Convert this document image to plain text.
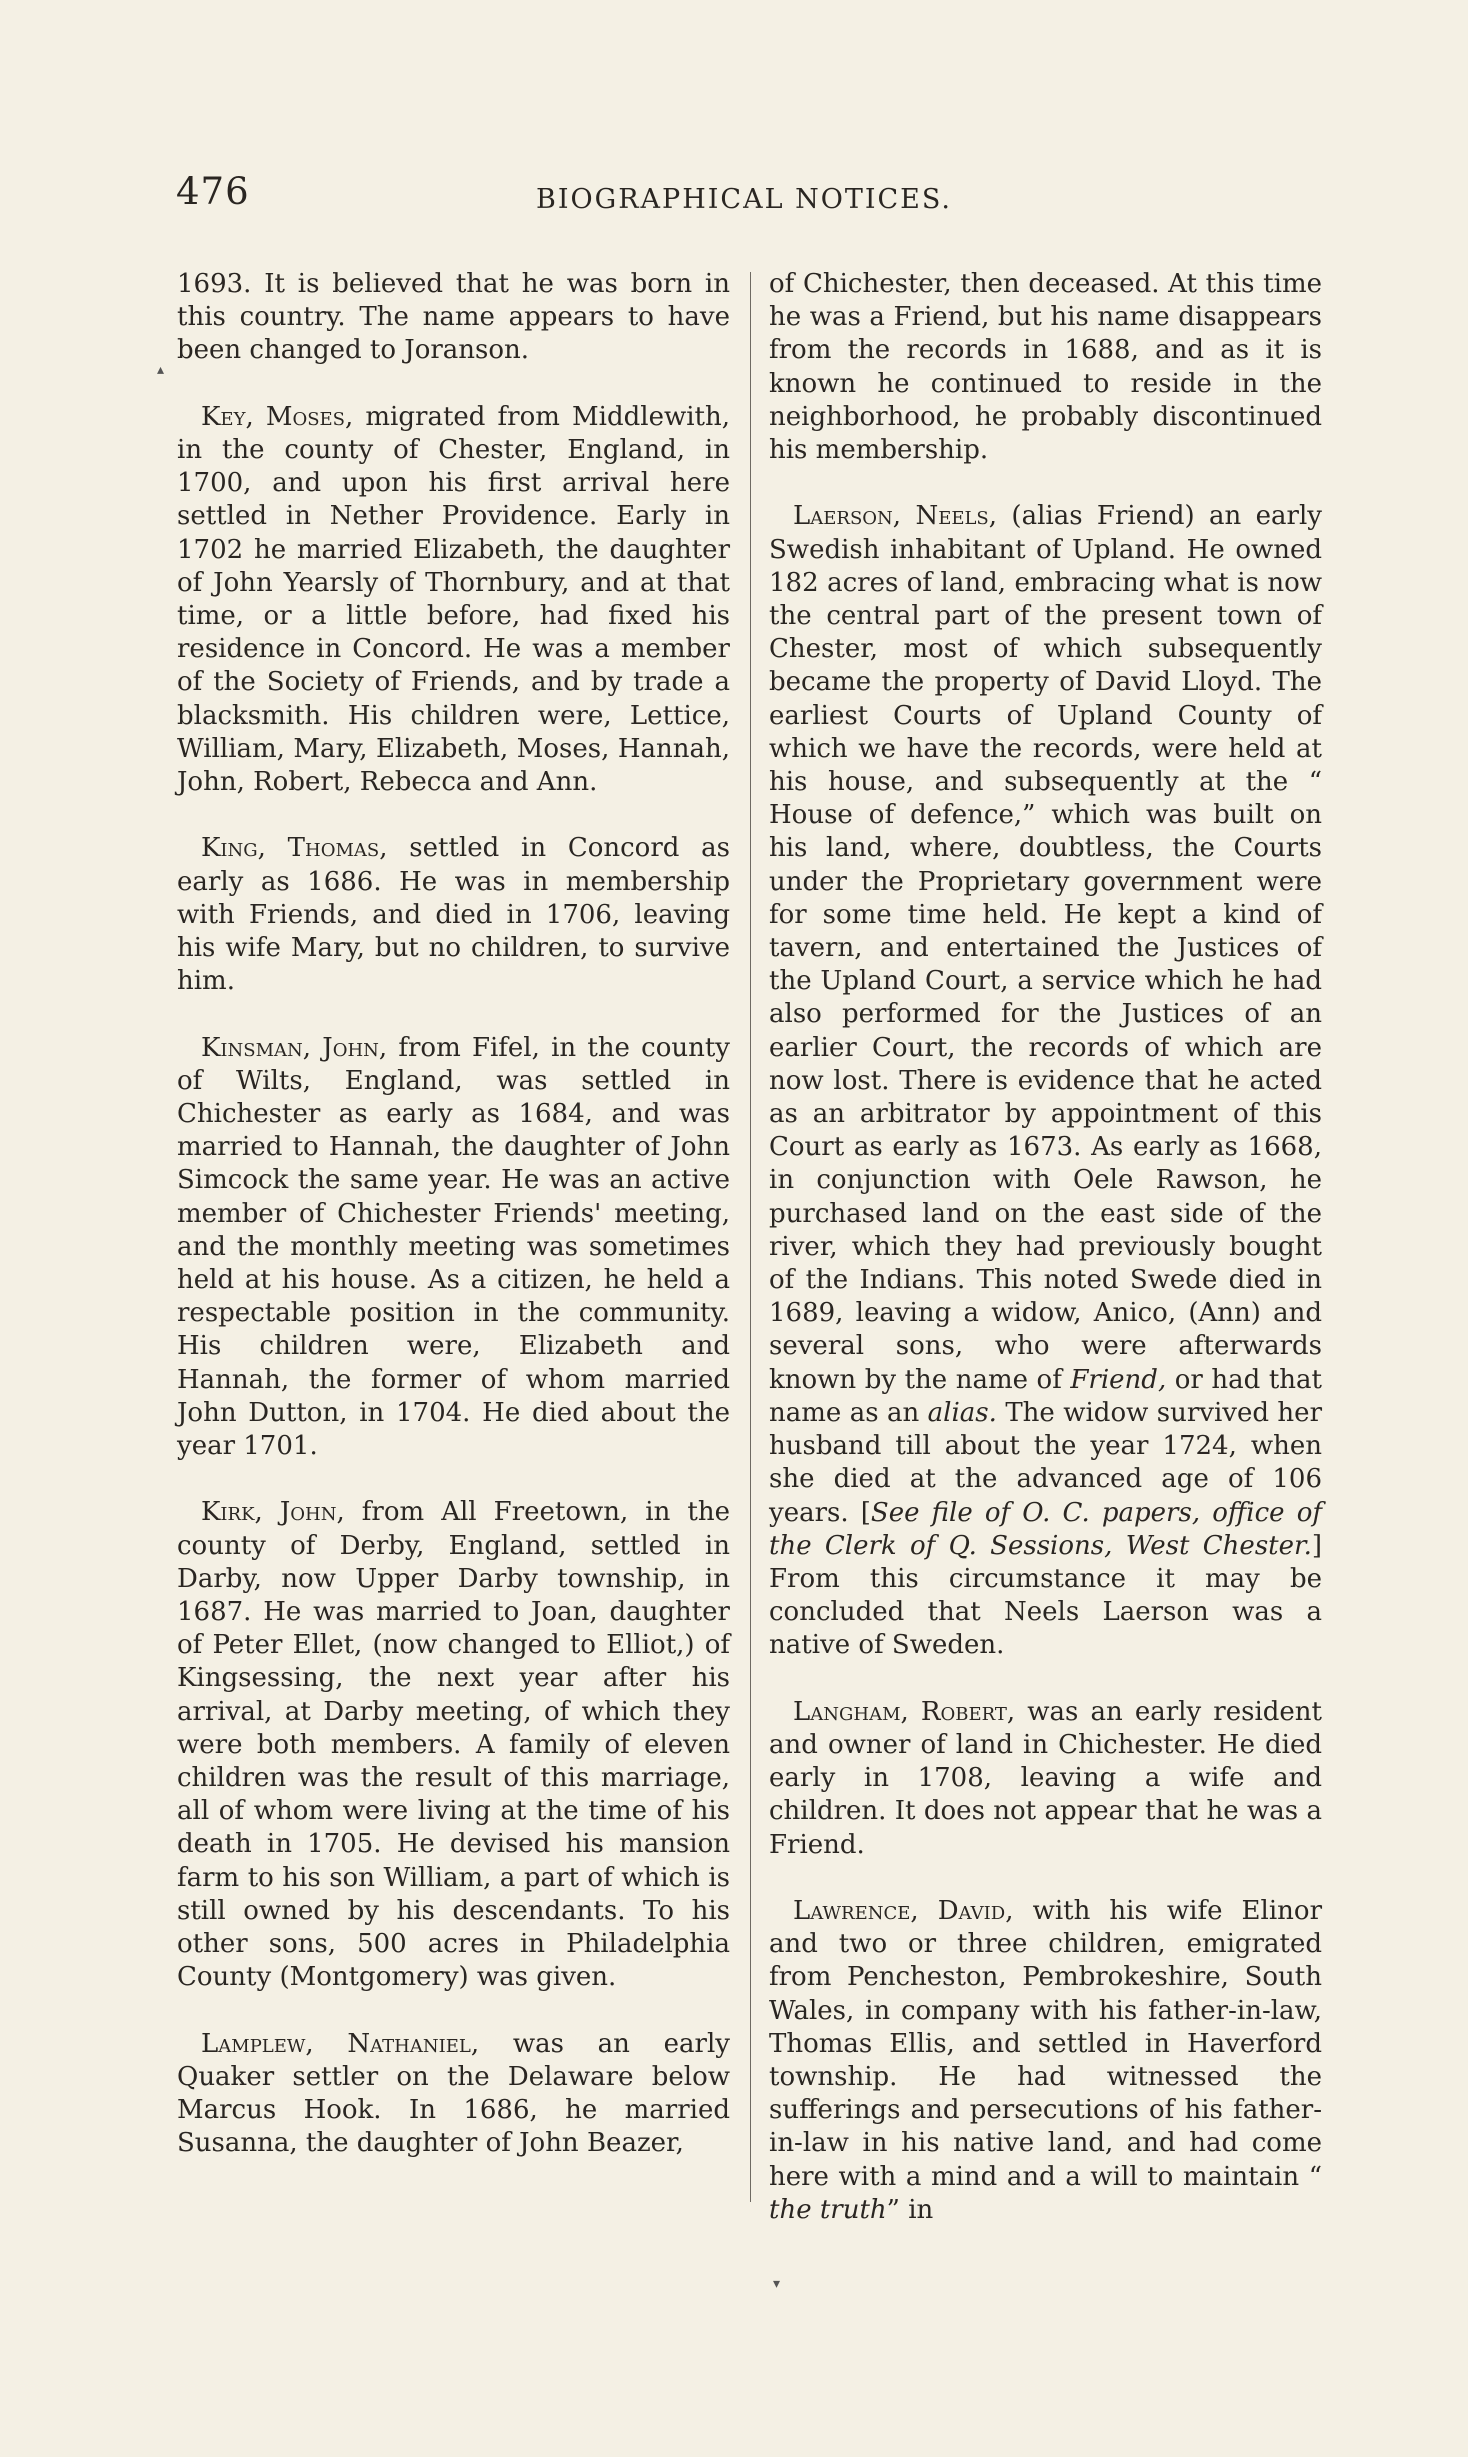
476	BIOGRAPHICAL NOTICES.

1693. It is believed that he was born in this country. The name appears to have been changed to Joranson.

Key, Moses, migrated from Middlewith, in the county of Chester, England, in 1700, and upon his first arrival here settled in Nether Providence. Early in 1702 he married Elizabeth, the daughter of John Yearsly of Thornbury, and at that time, or a little before, had fixed his residence in Concord. He was a member of the Society of Friends, and by trade a blacksmith. His children were, Lettice, William, Mary, Elizabeth, Moses, Hannah, John, Robert, Rebecca and Ann.

King, Thomas, settled in Concord as early as 1686. He was in membership with Friends, and died in 1706, leaving his wife Mary, but no children, to survive him.

Kinsman, John, from Fifel, in the county of Wilts, England, was settled in Chichester as early as 1684, and was married to Hannah, the daughter of John Simcock the same year. He was an active member of Chichester Friends' meeting, and the monthly meeting was sometimes held at his house. As a citizen, he held a respectable position in the community. His children were, Elizabeth and Hannah, the former of whom married John Dutton, in 1704. He died about the year 1701.

Kirk, John, from All Freetown, in the county of Derby, England, settled in Darby, now Upper Darby township, in 1687. He was married to Joan, daughter of Peter Ellet, (now changed to Elliot,) of Kingsessing, the next year after his arrival, at Darby meeting, of which they were both members. A family of eleven children was the result of this marriage, all of whom were living at the time of his death in 1705. He devised his mansion farm to his son William, a part of which is still owned by his descendants. To his other sons, 500 acres in Philadelphia County (Montgomery) was given.

Lamplew, Nathaniel, was an early Quaker settler on the Delaware below Marcus Hook. In 1686, he married Susanna, the daughter of John Beazer,

of Chichester, then deceased. At this time he was a Friend, but his name disappears from the records in 1688, and as it is known he continued to reside in the neighborhood, he probably discontinued his membership.

Laerson, Neels, (alias Friend) an early Swedish inhabitant of Upland. He owned 182 acres of land, embracing what is now the central part of the present town of Chester, most of which subsequently became the property of David Lloyd. The earliest Courts of Upland County of which we have the records, were held at his house, and subsequently at the “ House of defence,” which was built on his land, where, doubtless, the Courts under the Proprietary government were for some time held. He kept a kind of tavern, and entertained the Justices of the Upland Court, a service which he had also performed for the Justices of an earlier Court, the records of which are now lost. There is evidence that he acted as an arbitrator by appointment of this Court as early as 1673. As early as 1668, in conjunction with Oele Rawson, he purchased land on the east side of the river, which they had previously bought of the Indians. This noted Swede died in 1689, leaving a widow, Anico, (Ann) and several sons, who were afterwards known by the name of Friend, or had that name as an alias. The widow survived her husband till about the year 1724, when she died at the advanced age of 106 years. [See file of O. C. papers, office of the Clerk of Q. Sessions, West Chester.] From this circumstance it may be concluded that Neels Laerson was a native of Sweden.

Langham, Robert, was an early resident and owner of land in Chichester. He died early in 1708, leaving a wife and children. It does not appear that he was a Friend.

Lawrence, David, with his wife Elinor and two or three children, emigrated from Pencheston, Pembrokeshire, South Wales, in company with his father-in-law, Thomas Ellis, and settled in Haverford township. He had witnessed the sufferings and persecutions of his father-in-law in his native land, and had come here with a mind and a will to maintain “ the truth” in

▴
▾
